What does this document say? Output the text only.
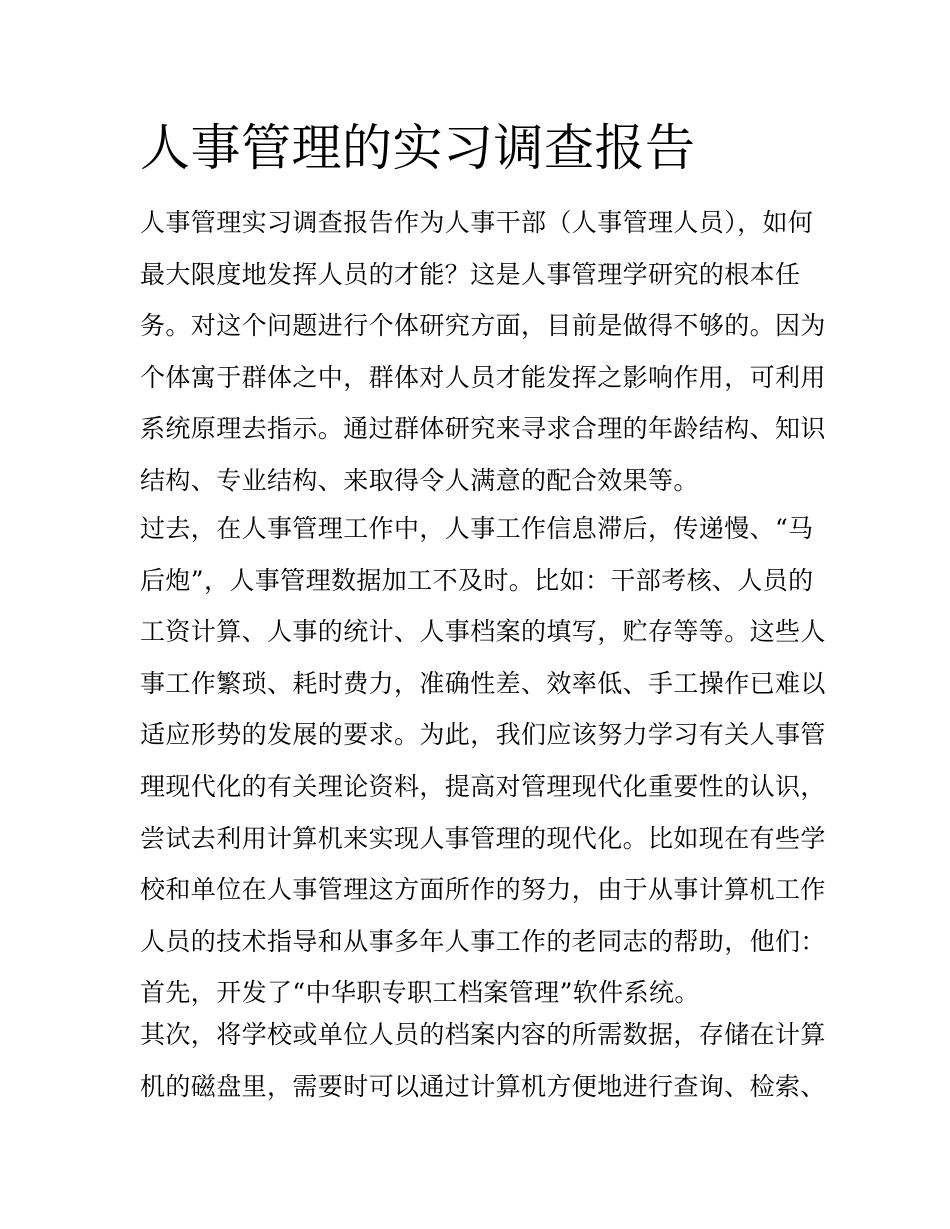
人事管理的实习调查报告
人事管理实习调查报告作为人事干部（人事管理人员），如何
最大限度地发挥人员的才能？这是人事管理学研究的根本任
务。对这个问题进行个体研究方面，目前是做得不够的。因为
个体寓于群体之中，群体对人员才能发挥之影响作用，可利用
系统原理去指示。通过群体研究来寻求合理的年龄结构、知识
结构、专业结构、来取得令人满意的配合效果等。
过去，在人事管理工作中，人事工作信息滞后，传递慢、“马
后炮”，人事管理数据加工不及时。比如：干部考核、人员的
工资计算、人事的统计、人事档案的填写，贮存等等。这些人
事工作繁琐、耗时费力，准确性差、效率低、手工操作已难以
适应形势的发展的要求。为此，我们应该努力学习有关人事管
理现代化的有关理论资料，提高对管理现代化重要性的认识，
尝试去利用计算机来实现人事管理的现代化。比如现在有些学
校和单位在人事管理这方面所作的努力，由于从事计算机工作
人员的技术指导和从事多年人事工作的老同志的帮助，他们：
首先，开发了“中华职专职工档案管理”软件系统。
其次，将学校或单位人员的档案内容的所需数据，存储在计算
机的磁盘里，需要时可以通过计算机方便地进行查询、检索、
